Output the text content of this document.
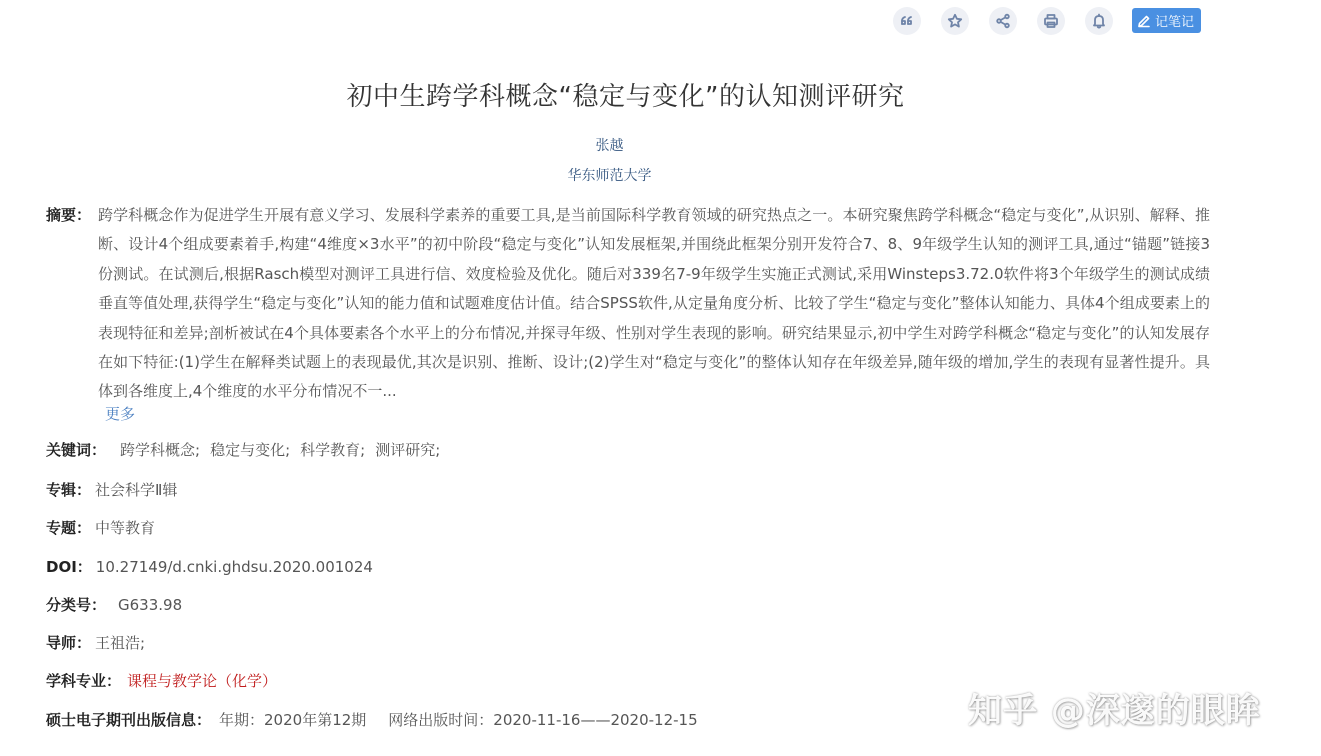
记笔记
初中生跨学科概念“稳定与变化”的认知测评研究
张越
华东师范大学
摘要： 跨学科概念作为促进学生开展有意义学习、发展科学素养的重要工具,是当前国际科学教育领域的研究热点之一。本研究聚焦跨学科概念“稳定与变化”,从识别、解释、推断、设计4个组成要素着手,构建“4维度×3水平”的初中阶段“稳定与变化”认知发展框架,并围绕此框架分别开发符合7、8、9年级学生认知的测评工具,通过“锚题”链接3份测试。在试测后,根据Rasch模型对测评工具进行信、效度检验及优化。随后对339名7-9年级学生实施正式测试,采用Winsteps3.72.0软件将3个年级学生的测试成绩垂直等值处理,获得学生“稳定与变化”认知的能力值和试题难度估计值。结合SPSS软件,从定量角度分析、比较了学生“稳定与变化”整体认知能力、具体4个组成要素上的表现特征和差异;剖析被试在4个具体要素各个水平上的分布情况,并探寻年级、性别对学生表现的影响。研究结果显示,初中学生对跨学科概念“稳定与变化”的认知发展存在如下特征:(1)学生在解释类试题上的表现最优,其次是识别、推断、设计;(2)学生对“稳定与变化”的整体认知存在年级差异,随年级的增加,学生的表现有显著性提升。具体到各维度上,4个维度的水平分布情况不一...
更多
关键词： 跨学科概念; 稳定与变化; 科学教育; 测评研究;
专辑： 社会科学Ⅱ辑
专题： 中等教育
DOI： 10.27149/d.cnki.ghdsu.2020.001024
分类号： G633.98
导师： 王祖浩;
学科专业： 课程与教学论（化学）
硕士电子期刊出版信息： 年期：2020年第12期 网络出版时间：2020-11-16——2020-12-15	知乎 @深邃的眼眸
